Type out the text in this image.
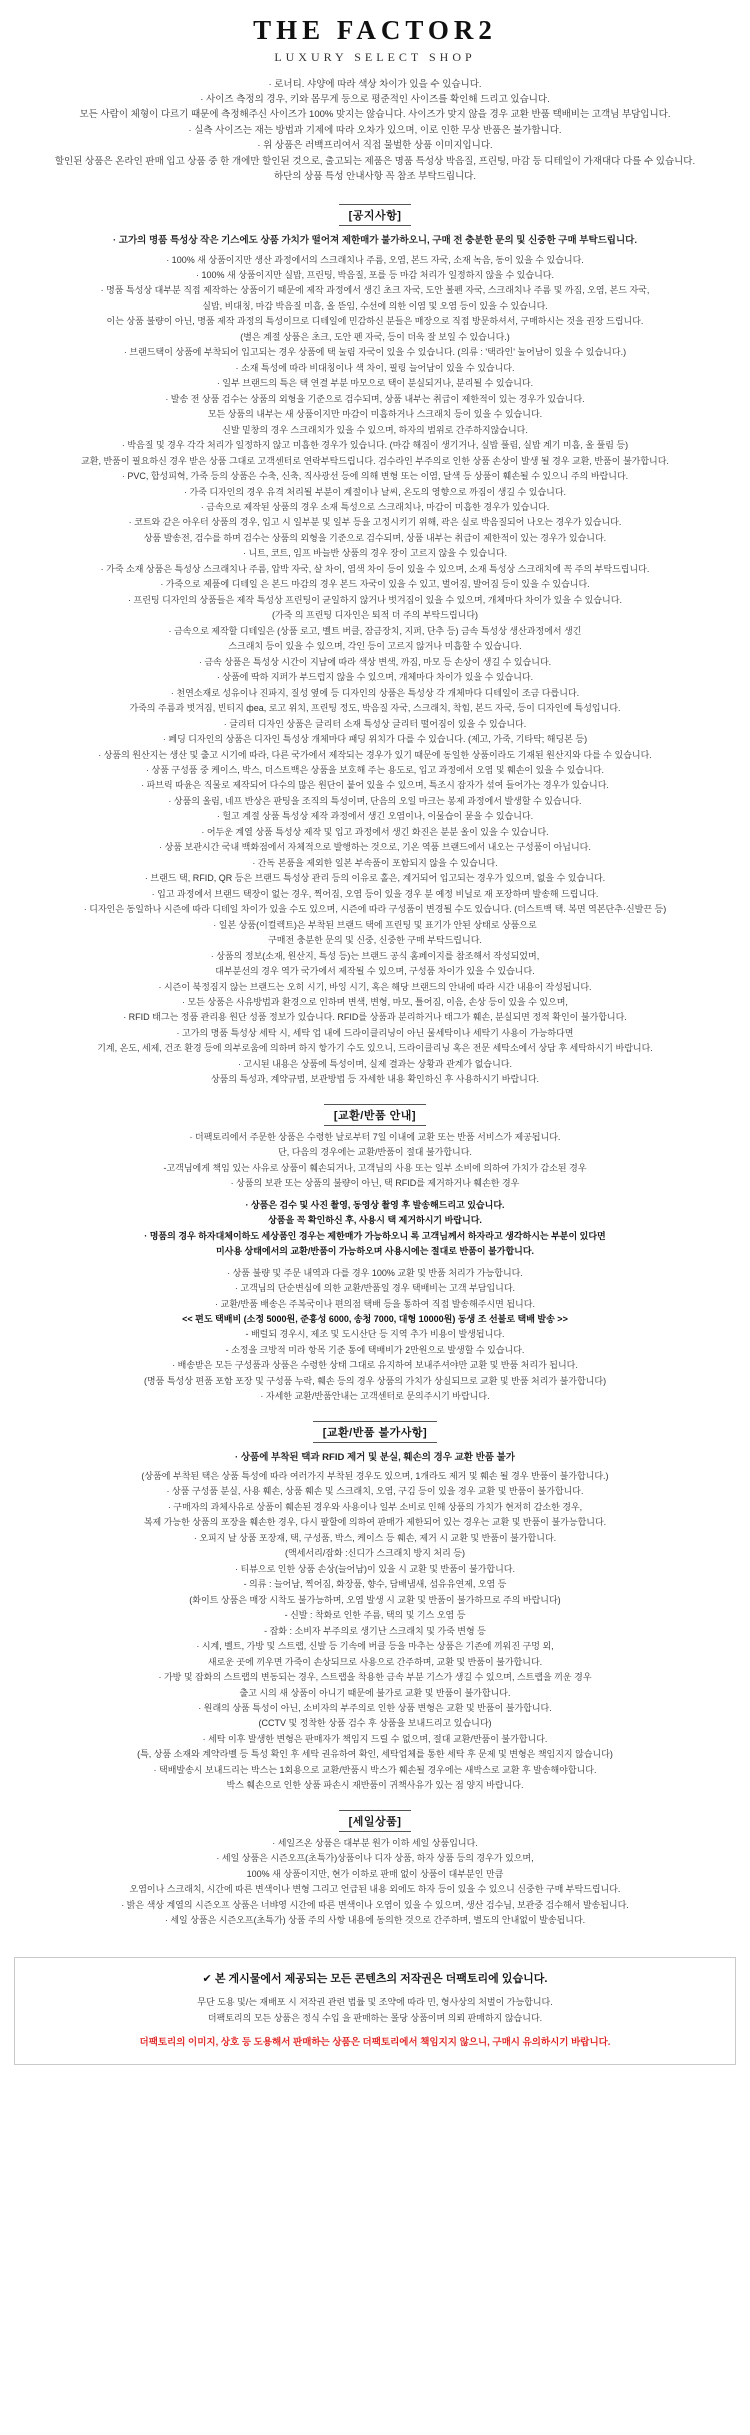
THE FACTOR2
LUXURY SELECT SHOP

· 로너티. 샤양에 따라 색상 차이가 있을 수 있습니다.

· 사이즈 측정의 경우, 키와 몸무게 등으로 평준적인 사이즈를 확인해 드리고 있습니다.

모든 사람이 체형이 다르기 때문에 측정해주신 사이즈가 100% 맞지는 않습니다. 사이즈가 맞지 않을 경우 교환 반품 택배비는 고객님 부담입니다.

· 실측 사이즈는 재는 방법과 기제에 따라 오차가 있으며, 이로 인한 무상 반품은 불가합니다.

· 위 상품은 러백프리여서 직접 물벌한 상품 이미지입니다.

할인된 상품은 온라인 판매 입고 상품 중 한 개에만 할인된 것으로, 출고되는 제품은 명품 특성상 박음질, 프린팅, 마감 등 디테일이 가재대다 다를 수 있습니다.

하단의 상품 특성 안내사항 꼭 참조 부탁드립니다.

[공지사항]
· 고가의 명품 특성상 작은 기스에도 상품 가치가 떨어져 제한매가 불가하오니, 구매 전 충분한 문의 및 신중한 구매 부탁드립니다.
· 100% 새 상품이지만 생산 과정에서의 스크래치나 주름, 오염, 본드 자국, 소재 녹음, 동이 있을 수 있습니다.
· 100% 새 상품이지만 실밥, 프린팅, 박음질, 포를 등 마감 처리가 일정하지 않을 수 있습니다.
· 명품 특성상 대부분 직접 제작하는 상품이기 때문에 제작 과정에서 생긴 초크 자국, 도안 볼펜 자국, 스크래치나 주름 및 까짐, 오염, 본드 자국,
실밥, 비대칭, 마감 박음질 미흡, 올 뜯임, 수선에 의한 이염 및 오염 등이 있을 수 있습니다.
이는 상품 불량이 아닌, 명품 제작 과정의 특성이므로 디테일에 민감하신 분들은 매장으로 직접 방문하셔서, 구매하시는 것을 권장 드립니다.
(별은 계절 상품은 초크, 도안 펜 자국, 등이 더욱 잘 보일 수 있습니다.)
· 브랜드택이 상품에 부착되어 입고되는 경우 상품에 택 눌림 자국이 있을 수 있습니다. (의류 : '택라인' 눌어남이 있을 수 있습니다.)
· 소재 특성에 따라 비대칭이나 색 차이, 필링 늘어남이 있을 수 있습니다.
· 일부 브랜드의 특은 택 연결 부분 마모으로 택이 분실되거나, 분리될 수 있습니다.
· 발송 전 상품 검수는 상품의 외형을 기준으로 검수되며, 상품 내부는 취급이 제한적이 있는 경우가 있습니다.
모든 상품의 내부는 새 상품이지만 마감이 미흡하거나 스크래치 등이 있을 수 있습니다.
신발 밑창의 경우 스크래치가 있을 수 있으며, 하자의 범위로 간주하지않습니다.
· 박음질 및 경우 각각 처리가 일정하지 않고 미흡한 경우가 있습니다. (마감 해짐이 생기거나, 실밥 풀림, 실밥 계기 미흡, 올 풀림 등)
교환, 반품이 필요하신 경우 받은 상품 그대로 고객센터로 연락부탁드립니다. 검수라인 부주의로 인한 상품 손상이 발생 될 경우 교환, 반품이 불가합니다.
· PVC, 합성피혁, 가죽 등의 상품은 수축, 신축, 직사광선 등에 의해 변형 또는 이염, 달색 등 상품이 훼손될 수 있으니 주의 바랍니다.
· 가죽 디자인의 경우 유격 처리될 부분이 계절이나 날씨, 온도의 영향으로 까짐이 생길 수 있습니다.
· 금속으로 제작된 상품의 경우 소재 특성으로 스크래치나, 마감이 미흡한 경우가 있습니다.
· 코트와 같은 아우터 상품의 경우, 입고 시 일부분 및 일부 등을 고정시키기 위해, 곽은 실로 박음질되어 나오는 경우가 있습니다.
상품 발송전, 검수를 하며 검수는 상품의 외형을 기준으로 검수되며, 상품 내부는 취급이 제한적이 있는 경우가 있습니다.
· 니트, 코트, 임프 바늘반 상품의 경우 장이 고르지 않을 수 있습니다.
· 가죽 소재 상품은 특성상 스크래치나 주름, 압박 자국, 살 차이, 염색 차이 등이 있을 수 있으며, 소재 특성상 스크래치에 꼭 주의 부탁드립니다.
· 가죽으로 제품에 디테일 은 본드 마감의 경우 본드 자국이 있을 수 있고, 벌어짐, 발어짐 등이 있을 수 있습니다.
· 프린팅 디자인의 상품들은 제작 특성상 프린팅이 균일하지 않거나 벗겨짐이 있을 수 있으며, 개체마다 차이가 있을 수 있습니다.
(가죽 의 프린팅 디자인은 퇴적 더 주의 부탁드립니다)
· 금속으로 제작할 디테일은 (상품 로고, 벨트 버클, 잠금장치, 지퍼, 단추 등) 금속 특성상 생산과정에서 생긴
스크래치 등이 있을 수 있으며, 각인 등이 고르지 않거나 미흡할 수 있습니다.
· 금속 상품은 특성상 시간이 지남에 따라 색상 변색, 까짐, 마모 등 손상이 생길 수 있습니다.
· 상품에 딱하 지퍼가 부드럽지 않을 수 있으며, 개체마다 차이가 있을 수 있습니다.
· 천연소재로 성유이나 진파지, 질성 옆에 등 디자인의 상품은 특성상 각 개체마다 디테일이 조금 다릅니다.
가죽의 주름과 벗겨짐, 빈티지 феа, 로고 위치, 프린팅 정도, 박음질 자국, 스크래치, 착힘, 본드 자국, 등이 디자인에 특성입니다.
· 글리터 디자인 상품은 글리터 소재 특성상 글리터 떨어짐이 있을 수 있습니다.
· 페딩 디자인의 상품은 디자인 특성상 개체마다 패딩 위치가 다를 수 있습니다. (제고, 가죽, 기타탁; 해딩본 등)
· 상품의 원산지는 생산 및 출고 시기에 따라, 다른 국가에서 제작되는 경우가 있기 때문에 동일한 상품이라도 기재된 원산지와 다를 수 있습니다.
· 상품 구성품 중 케이스, 박스, 더스트백은 상품을 보호해 주는 용도로, 입고 과정에서 오염 및 훼손이 있을 수 있습니다.
· 파브릭 따윤은 직물로 제작되어 다수의 많은 원단이 붙어 있을 수 있으며, 특조시 잡자가 섞여 들어가는 경우가 있습니다.
· 상품의 올림, 네프 반상은 판팅을 조직의 특성이며, 단음의 오일 마크는 봉제 과정에서 발생할 수 있습니다.
· 헐고 계절 상품 특성상 제작 과정에서 생긴 오염이나, 이물습이 묻을 수 있습니다.
· 어두운 계열 상품 특성상 제작 및 입고 과정에서 생긴 화진은 분분 올이 있을 수 있습니다.
· 상품 보관시간 국내 백화점에서 자체적으로 발행하는 것으로, 기온 역품 브랜드에서 내오는 구성품이 아닙니다.
· 간독 본품을 제외한 일본 부속품이 포함되지 않을 수 있습니다.
· 브랜드 택, RFID, QR 등은 브랜드 특성상 관리 등의 이유로 홀은, 계거되어 입고되는 경우가 있으며, 없을 수 있습니다.
· 입고 과정에서 브랜드 택장이 없는 경우, 찍어짐, 오염 등이 있을 경우 분 예정 비닐로 재 포장하며 발송해 드립니다.
· 디자인은 동일하나 시즌에 따라 디테일 차이가 있을 수도 있으며, 시즌에 따라 구성품이 변경될 수도 있습니다. (더스트백 택. 복면 역본단추·신발끈 등)
· 일본 상품(이컬렉트)은 부착된 브랜드 택에 프린팅 및 표기가 안된 상태로 상품으로
구매전 충분한 문의 및 신중, 신중한 구매 부탁드립니다.
· 상품의 정보(소재, 원산지, 특성 등)는 브랜드 공식 홈페이지를 참조해서 작성되었며,
대부분선의 경우 역가 국가에서 제작될 수 있으며, 구성품 차이가 있을 수 있습니다.
· 시즌이 북정짐지 않는 브랜드는 오히 시기, 바잉 시기, 혹은 해당 브랜드의 안내에 따라 시간 내용이 작성됩니다.
· 모든 상품은 사유방법과 환경으로 인하며 변색, 변형, 마모, 틀어짐, 이음, 손상 등이 있을 수 있으며,
· RFID 태그는 정품 관리용 원단 성품 정보가 있습니다. RFID를 상품과 분리하거나 태그가 훼손, 분실되면 정적 확인이 불가합니다.
· 고가의 명품 특성상 세탁 시, 세탁 업 내에 드라이클리닝이 아닌 물세탁이나 세탁기 사용이 가능하다면
기계, 온도, 세제, 건조 환경 등에 의부로움에 의하며 하지 항가기 수도 있으니, 드라이클리닝 혹은 전문 세탁소에서 상담 후 세탁하시기 바랍니다.
· 고시된 내용은 상품에 특성이며, 실제 결과는 상황과 관계가 없습니다.
상품의 특성과, 계약규범, 보관방법 등 자세한 내용 확인하신 후 사용하시기 바랍니다.
[교환/반품 안내]
· 더팩토리에서 주문한 상품은 수령한 날로부터 7일 이내에 교환 또는 반품 서비스가 제공됩니다.
단, 다음의 경우에는 교환/반품이 절대 불가합니다.
-고객님에게 책임 있는 사유로 상품이 훼손되거나, 고객님의 사용 또는 일부 소비에 의하여 가치가 감소된 경우
· 상품의 보관 또는 상품의 불량이 아닌, 택 RFID를 제거하거나 훼손한 경우
· 상품은 검수 및 사진 촬영, 동영상 촬영 후 발송해드리고 있습니다.
상품을 꼭 확인하신 후, 사용시 택 제거하시기 바랍니다.
· 명품의 경우 하자대체이하도 세상품인 경우는 제한매가 가능하오니 록 고객님께서 하자라고 생각하시는 부분이 있다면
미사용 상태에서의 교환/반품이 가능하오며 사용시에는 절대로 반품이 불가합니다.
· 상품 불량 및 주문 내역과 다를 경우 100% 교환 및 반품 처리가 가능합니다.
· 고객님의 단순변심에 의한 교환/반품일 경우 택배비는 고객 부담입니다.
· 교환/반품 배송은 주복국이나 편의점 택배 등을 통하여 직접 발송해주시면 됩니다.
<< 편도 택배비 (소정 5000원, 준흥성 6000, 송청 7000, 대형 10000원) 동생 조 선불로 택배 발송 >>
- 배럴되 경우시, 제조 및 도시산단 등 지역 추가 비용이 발생됩니다.
- 소정을 크방적 미라 항목 기준 통에 택배비가 2만원으로 발생할 수 있습니다.
· 배송받은 모든 구성품과 상품은 수령한 상태 그대로 유지하여 보내주셔야만 교환 및 반품 처리가 됩니다.
(명품 특성상 편품 포함 포장 및 구성품 누락, 훼손 등의 경우 상품의 가치가 상실되므로 교환 및 반품 처리가 불가합니다)
· 자세한 교환/반품안내는 고객센터로 문의주시기 바랍니다.
[교환/반품 불가사항]
· 상품에 부착된 택과 RFID 제거 및 분실, 훼손의 경우 교환 반품 불가
(상품에 부착된 택은 상품 특성에 따라 여러가지 부착된 경우도 있으며, 1개라도 제거 및 훼손 될 경우 반품이 불가합니다.)
· 상품 구성품 분실, 사용 훼손, 상품 훼손 및 스크래치, 오염, 구김 등이 있을 경우 교환 및 반품이 불가합니다.
· 구매자의 과체사유로 상품이 훼손된 경우와 사용이나 일부 소비로 인해 상품의 가치가 현저히 감소한 경우,
복제 가능한 상품의 포장을 훼손한 경우, 다시 팔할에 의하여 판매가 제한되어 있는 경우는 교환 및 반품이 불가능합니다.
· 오피지 날 상품 포장재, 택, 구성품, 박스, 케이스 등 훼손, 제거 시 교환 및 반품이 불가합니다.
(액세서리/잡화 :신디가 스크래치 방지 처리 등)
· 티뷰으로 인한 상품 손상(늘어남)이 있을 시 교환 및 반품이 불가합니다.
- 의류 : 늘어남, 찍어짐, 화장품, 향수, 담배냄새, 섬유유연제, 오염 등
(화이트 상품은 매장 시착도 불가능하며, 오염 발생 시 교환 및 반품이 불가하므로 주의 바랍니다)
- 신발 : 착화로 인한 주름, 택의 및 기스 오염 등
- 잡화 : 소비자 부주의로 생기난 스크래치 및 가죽 변형 등
· 시계, 벨트, 가방 및 스트랩, 신발 등 기속에 버클 등을 마추는 상품은 기존에 끼워진 구멍 외,
새로운 곳에 끼우면 가죽이 손상되므로 사용으로 간주하며, 교환 및 반품이 불가합니다.
· 가방 및 잡화의 스트랩의 변동되는 경우, 스트랩을 착용한 금속 부분 기스가 생길 수 있으며, 스트랩을 끼운 경우
출고 시의 새 상품이 아니기 때문에 불가로 교환 및 반품이 불가합니다.
· 원래의 상품 특성이 아닌, 소비자의 부주의로 인한 상품 변형은 교환 및 반품이 불가합니다.
(CCTV 및 정착한 상품 검수 후 상품을 보내드리고 있습니다)
· 세탁 이후 발생한 변형은 판매자가 책임지 드릴 수 없으며, 절대 교환/반품이 불가합니다.
(특, 상품 소재와 계약라벨 등 특성 확인 후 세탁 권유하여 확인, 세탁업체를 통한 세탁 후 문제 및 변형은 책임지지 않습니다)
· 택배발송시 보내드리는 박스는 1회용으로 교환/반품시 박스가 훼손될 경우에는 새박스로 교환 후 발송해야합니다.
박스 훼손으로 인한 상품 파손시 재반품이 귀책사유가 있는 점 양지 바랍니다.
[세일상품]
· 세일즈온 상품은 대부분 원가 이하 세일 상품입니다.
· 세일 상품은 시즌오프(초특가)상품이나 디자 상품, 하자 상품 등의 경우가 있으며,
100% 새 상품이지만, 현가 이하로 판매 없이 상품이 대부분인 만큼
오염이나 스크래치, 시간에 따른 변색이나 변형 그리고 언급된 내용 외에도 하자 등이 있을 수 있으니 신중한 구매 부탁드립니다.
· 밝은 색상 계열의 시즌오프 상품은 너뱌영 시간에 따른 변색이나 오염이 있을 수 있으며, 생산 검수님, 보관중 검수해서 발송됩니다.
· 세일 상품은 시즌오프(초특가) 상품 주의 사항 내용에 동의한 것으로 간주하며, 별도의 안내없이 발송됩니다.
✔ 본 게시물에서 제공되는 모든 콘텐츠의 저작권은 더팩토리에 있습니다.
무단 도용 및/는 재배포 시 저작권 관련 법률 및 조약에 따라 민, 형사상의 처벌이 가능합니다.
더팩토리의 모든 상품은 정식 수입 을 판매하는 몰당 상품이며 의뢰 판매하지 않습니다.
더팩토리의 이미지, 상호 등 도용해서 판매하는 상품은 더팩토리에서 책임지지 않으니, 구매시 유의하시기 바랍니다.
